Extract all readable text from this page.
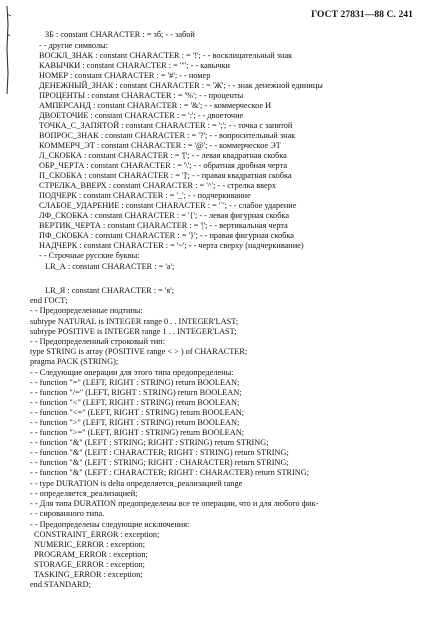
ГОСТ 27831—88 С. 241
ЗБ : constant CHARACTER : = зб; - - забой
- - другие символы:
ВОСКЛ_ЗНАК : constant CHARACTER : = '!'; - - восклицательный знак
КАВЫЧКИ : constant CHARACTER : = '"'; - - кавычки
НОМЕР : constant CHARACTER : = '#'; - - номер
ДЕНЕЖНЫЙ_ЗНАК : constant CHARACTER : = 'Ж'; - - знак денежной единицы
ПРОЦЕНТЫ : constant CHARACTER : = '%'; - - проценты
АМПЕРСАНД : constant CHARACTER : = '&'; - - коммерческое И
ДВОЕТОЧИЕ : constant CHARACTER : = ':'; - - двоеточие
ТОЧКА_С_ЗАПЯТОЙ : constant CHARACTER : = ';'; - - точка с запятой
ВОПРОС_ЗНАК : constant CHARACTER : = '?'; - - вопросительный знак
КОММЕРЧ_ЭТ : constant CHARACTER : = '@'; - - коммерческое ЭТ
Л_СКОБКА : constant CHARACTER : = '['; - - левая квадратная скобка
ОБР_ЧЕРТА : constant CHARACTER : = '\'; - - обратная дробная черта
П_СКОБКА : constant CHARACTER : = ']'; - - правая квадратная скобка
СТРЕЛКА_ВВЕРХ : constant CHARACTER : = '^'; - - стрелка вверх
ПОДЧЕРК : constant CHARACTER : = '_'; - - подчеркивание
СЛАБОЕ_УДАРЕНИЕ : constant CHARACTER : = '`'; - - слабое ударение
ЛФ_СКОБКА : constant CHARACTER : = '{'; - - левая фигурная скобка
ВЕРТИК_ЧЕРТА : constant CHARACTER : = '|'; - - вертикальная черта
ПФ_СКОБКА : constant CHARACTER : = '}'; - - правая фигурная скобка
НАДЧЕРК : constant CHARACTER : = '~'; - - черта сверху (надчеркивание)
- - Строчные русские буквы:
LR_А : constant CHARACTER : = 'а';
LR_Я : constant CHARACTER : = 'я';
end ГОСТ;
- - Предопределенные подтипы:
subtype NATURAL is INTEGER range 0 . . INTEGER'LAST;
subtype POSITIVE is INTEGER range 1 . . INTEGER'LAST;
- - Предопределенный строковый тип:
type STRING is array (POSITIVE range < > ) of CHARACTER;
pragma PACK (STRING);
- - Следующие операции для этого типа предопределены:
- - function "=" (LEFT, RIGHT : STRING) return BOOLEAN;
- - function "/=" (LEFT, RIGHT : STRING) return BOOLEAN;
- - function "<" (LEFT, RIGHT : STRING) return BOOLEAN;
- - function "<=" (LEFT, RIGHT : STRING) return BOOLEAN;
- - function ">" (LEFT, RIGHT : STRING) return BOOLEAN;
- - function ">=" (LEFT, RIGHT : STRING) return BOOLEAN;
- - function "&" (LEFT : STRING; RIGHT : STRING) return STRING;
- - function "&" (LEFT : CHARACTER; RIGHT : STRING) return STRING;
- - function "&" (LEFT : STRING; RIGHT : CHARACTER) return STRING;
- - function "&" (LEFT : CHARACTER; RIGHT : CHARACTER) return STRING;
- - type DURATION is delta определяется_реализацией range
- - определяется_реализацией;
- - Для типа DURATION предопределены все те операции, что и для любого фик-
- - сированного типа.
- - Предопределены следующие исключения:
CONSTRAINT_ERROR : exception;
NUMERIC_ERROR : exception;
PROGRAM_ERROR : exception;
STORAGE_ERROR : exception;
TASKING_ERROR : exception;
end STANDARD;
